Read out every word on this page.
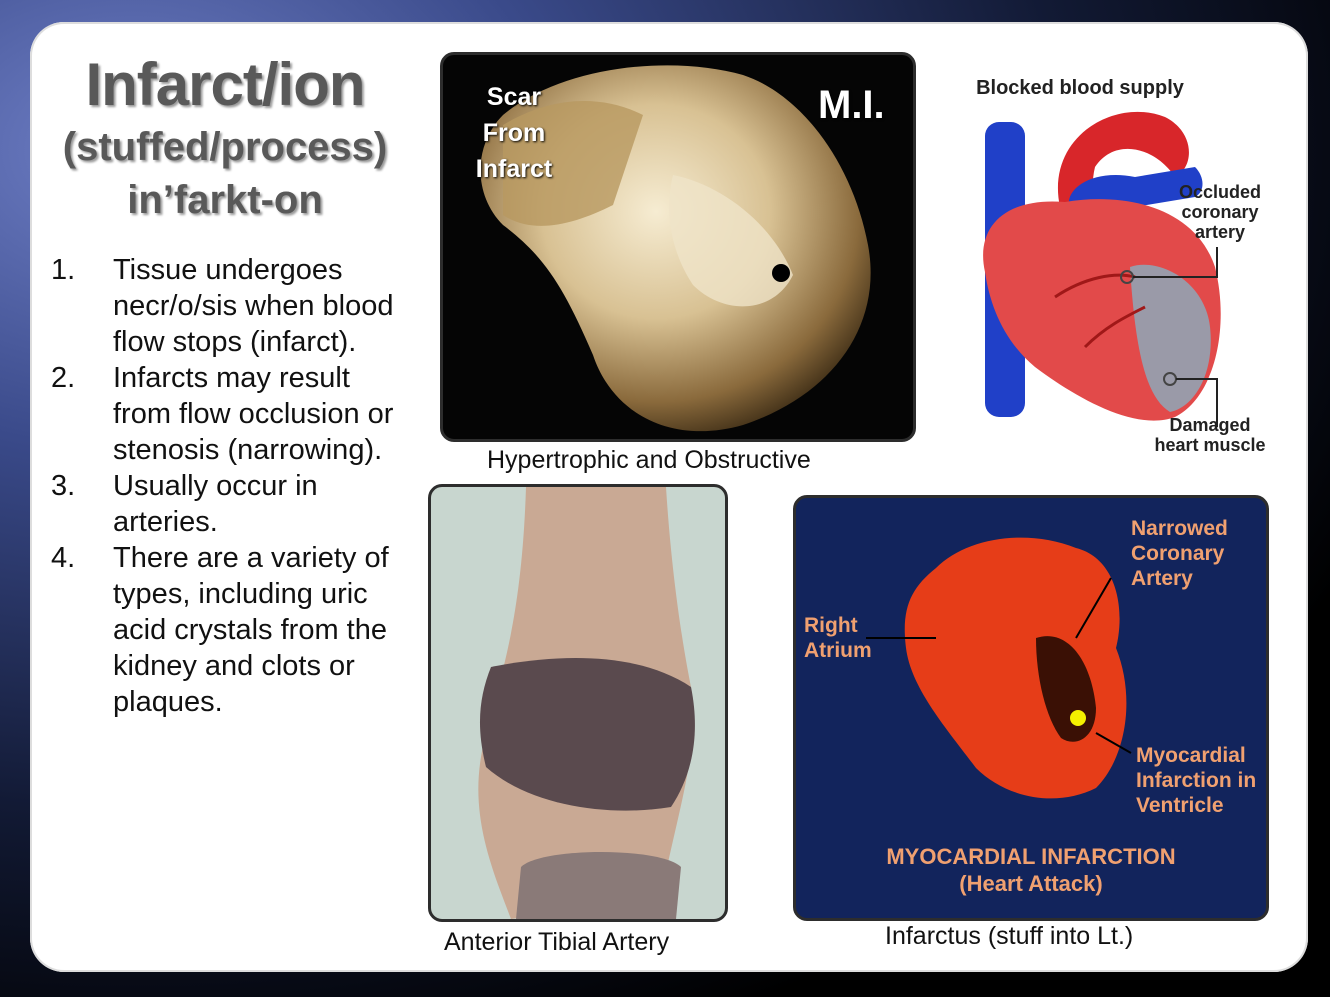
Infarct/ion
(stuffed/process)
in’farkt-on
1. Tissue undergoes necr/o/sis when blood flow stops (infarct).
2. Infarcts may result from flow occlusion or stenosis (narrowing).
3. Usually occur in arteries.
4. There are a variety of types, including uric acid crystals from the kidney and clots or plaques.
Scar
From
Infarct
M.I.
Hypertrophic and Obstructive
Blocked blood supply
Occluded
coronary
artery
Damaged
heart muscle
Anterior Tibial Artery
Narrowed
Coronary
Artery
Right
Atrium
Myocardial
Infarction in
Ventricle
MYOCARDIAL INFARCTION
(Heart Attack)
Infarctus (stuff into Lt.)
